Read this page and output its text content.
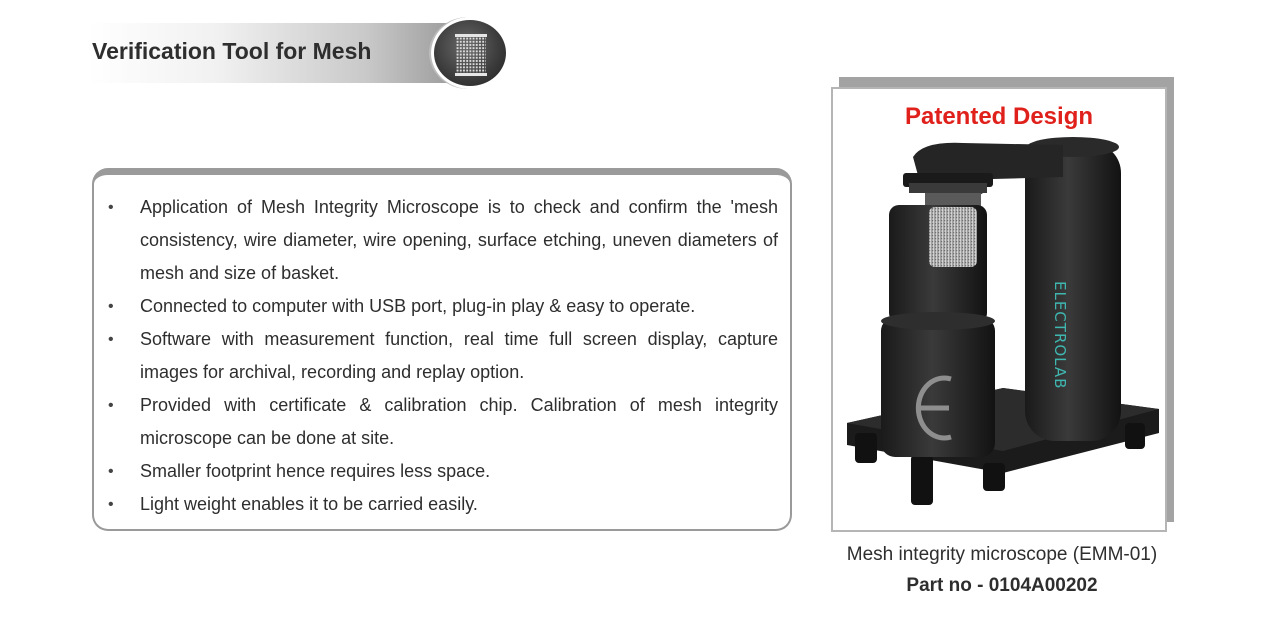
Verification Tool for Mesh
• Application of Mesh Integrity Microscope is to check and confirm the 'mesh consistency, wire diameter, wire opening, surface etching, uneven diameters of mesh and size of basket.
• Connected to computer with USB port, plug-in play & easy to operate.
• Software with measurement function, real time full screen display, capture images for archival, recording and replay option.
• Provided with certificate & calibration chip. Calibration of mesh integrity microscope can be done at site.
• Smaller footprint hence requires less space.
• Light weight enables it to be carried easily.
Patented Design
ELECTROLAB
Mesh integrity microscope (EMM-01)
Part no - 0104A00202
